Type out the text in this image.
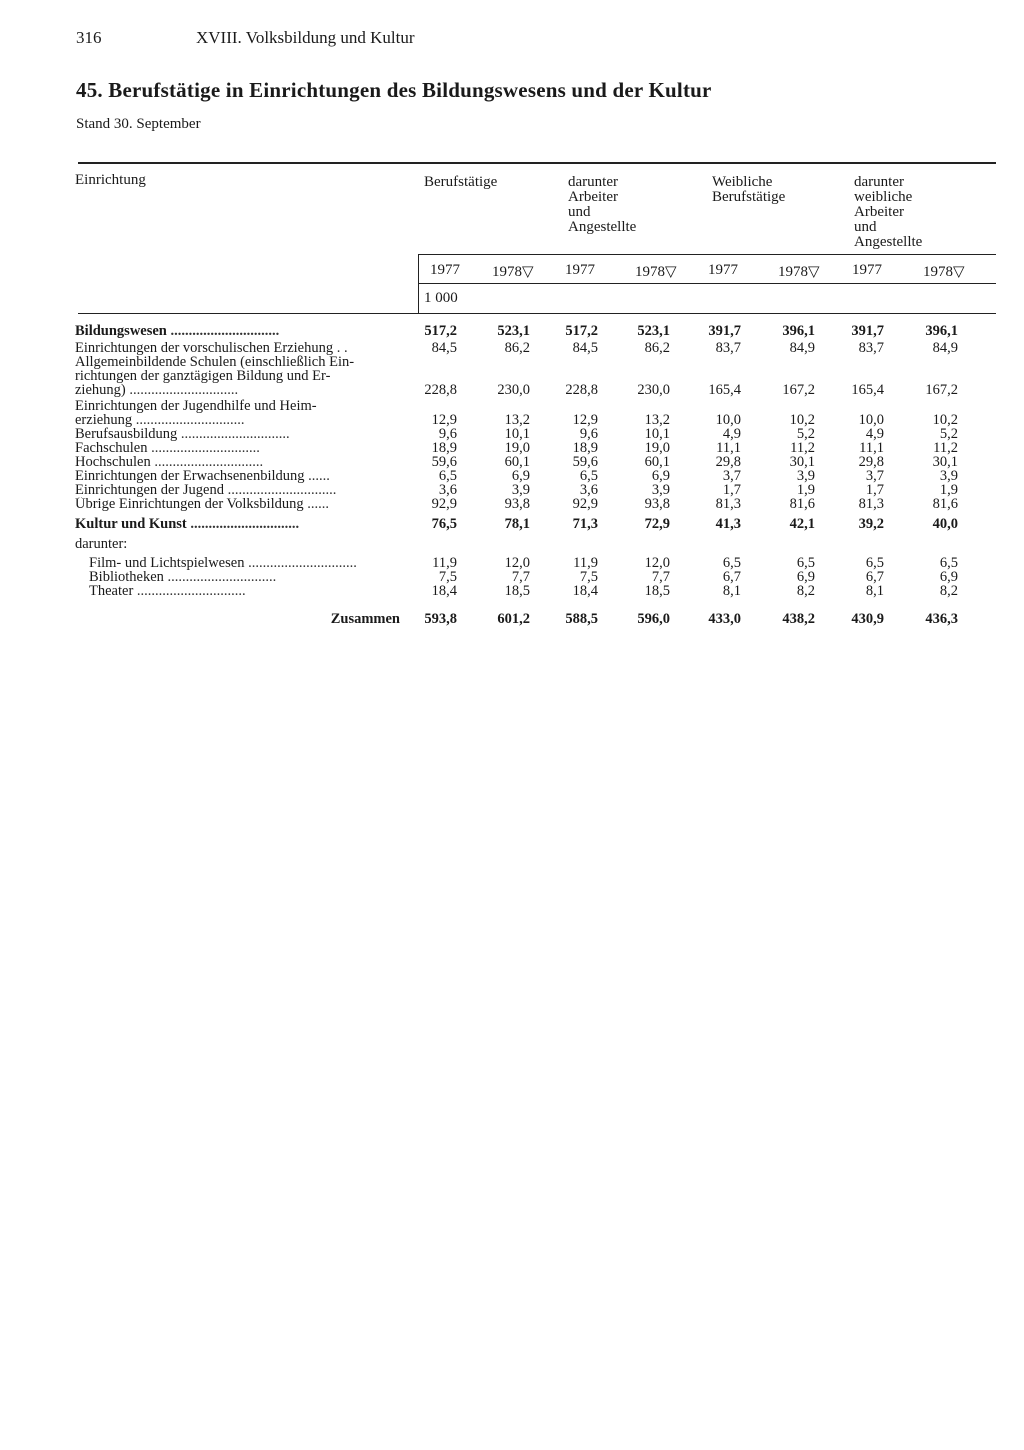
316	XVIII. Volksbildung und Kultur
45. Berufstätige in Einrichtungen des Bildungswesens und der Kultur
Stand 30. September
Einrichtung	Berufstätige	darunter
Arbeiter
und
Angestellte
Weibliche
Berufstätige
darunter
weibliche
Arbeiter
und
Angestellte
1977 1978▽ 1977	1978▽ 1977	1978▽ 1977	1978▽
1 000
Bildungswesen ..............................	517,2	523,1	517,2	523,1	391,7	396,1	391,7	396,1
Einrichtungen der vorschulischen Erziehung . .	84,5	86,2	84,5	86,2	83,7	84,9	83,7	84,9
Allgemeinbildende Schulen (einschließlich Ein-
richtungen der ganztägigen Bildung und Er-
ziehung) ..............................	228,8	230,0	228,8	230,0	165,4	167,2	165,4	167,2
Einrichtungen der Jugendhilfe und Heim-
erziehung ..............................	12,9	13,2	12,9	13,2	10,0	10,2	10,0	10,2
Berufsausbildung ..............................	9,6	10,1	9,6	10,1	4,9	5,2	4,9	5,2
Fachschulen ..............................	18,9	19,0	18,9	19,0	11,1	11,2	11,1	11,2
Hochschulen ..............................	59,6	60,1	59,6	60,1	29,8	30,1	29,8	30,1
Einrichtungen der Erwachsenenbildung ......	6,5	6,9	6,5	6,9	3,7	3,9	3,7	3,9
Einrichtungen der Jugend ..............................	3,6	3,9	3,6	3,9	1,7	1,9	1,7	1,9
Übrige Einrichtungen der Volksbildung ......	92,9	93,8	92,9	93,8	81,3	81,6	81,3	81,6
Kultur und Kunst ..............................	76,5	78,1	71,3	72,9	41,3	42,1	39,2	40,0
darunter:
Film- und Lichtspielwesen ..............................	11,9	12,0	11,9	12,0	6,5	6,5	6,5	6,5
Bibliotheken ..............................	7,5	7,7	7,5	7,7	6,7	6,9	6,7	6,9
Theater ..............................	18,4	18,5	18,4	18,5	8,1	8,2	8,1	8,2
Zusammen	593,8	601,2	588,5	596,0	433,0	438,2	430,9	436,3
